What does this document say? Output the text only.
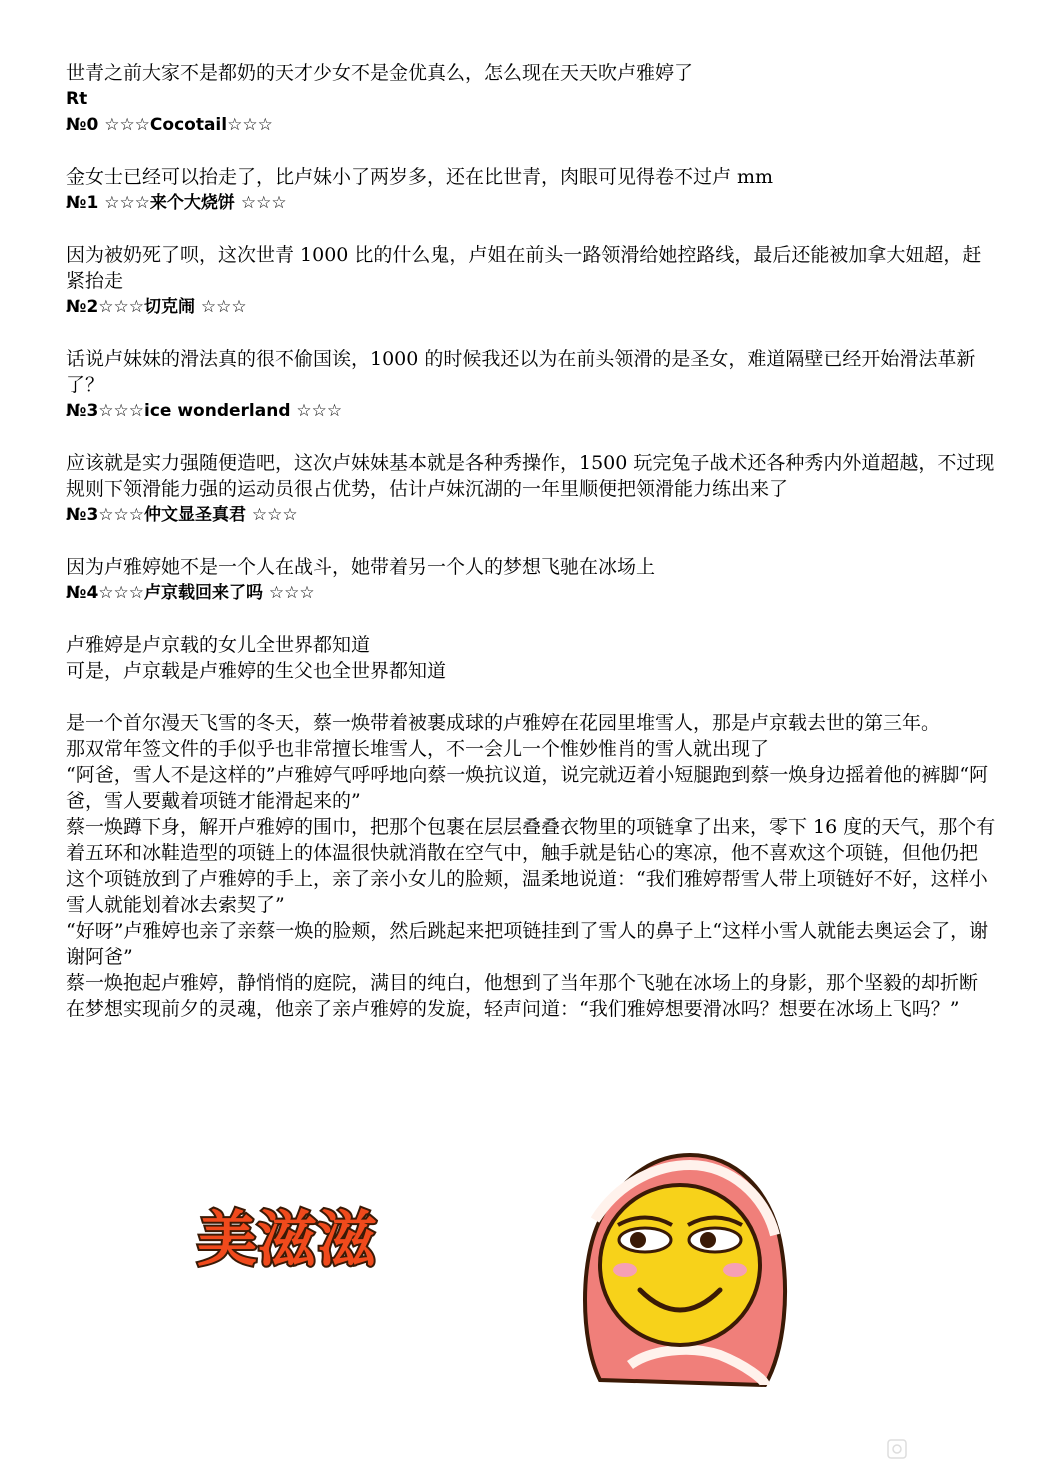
世青之前大家不是都奶的天才少女不是金优真么，怎么现在天天吹卢雅婷了

Rt

№0 ☆☆☆Cocotail☆☆☆

金女士已经可以抬走了，比卢妹小了两岁多，还在比世青，肉眼可见得卷不过卢 mm

№1 ☆☆☆来个大烧饼 ☆☆☆

因为被奶死了呗，这次世青 1000 比的什么鬼，卢姐在前头一路领滑给她控路线，最后还能被加拿大妞超，赶紧抬走

№2☆☆☆切克闹 ☆☆☆

话说卢妹妹的滑法真的很不偷国诶，1000 的时候我还以为在前头领滑的是圣女，难道隔壁已经开始滑法革新了？

№3☆☆☆ice wonderland ☆☆☆

应该就是实力强随便造吧，这次卢妹妹基本就是各种秀操作，1500 玩完兔子战术还各种秀内外道超越，不过现规则下领滑能力强的运动员很占优势，估计卢妹沉湖的一年里顺便把领滑能力练出来了

№3☆☆☆仲文显圣真君 ☆☆☆

因为卢雅婷她不是一个人在战斗，她带着另一个人的梦想飞驰在冰场上

№4☆☆☆卢京载回来了吗 ☆☆☆

卢雅婷是卢京载的女儿全世界都知道

可是，卢京载是卢雅婷的生父也全世界都知道

是一个首尔漫天飞雪的冬天，蔡一焕带着被裹成球的卢雅婷在花园里堆雪人，那是卢京载去世的第三年。

那双常年签文件的手似乎也非常擅长堆雪人，不一会儿一个惟妙惟肖的雪人就出现了

“阿爸，雪人不是这样的”卢雅婷气呼呼地向蔡一焕抗议道，说完就迈着小短腿跑到蔡一焕身边摇着他的裤脚“阿爸，雪人要戴着项链才能滑起来的”

蔡一焕蹲下身，解开卢雅婷的围巾，把那个包裹在层层叠叠衣物里的项链拿了出来，零下 16 度的天气，那个有着五环和冰鞋造型的项链上的体温很快就消散在空气中，触手就是钻心的寒凉，他不喜欢这个项链，但他仍把这个项链放到了卢雅婷的手上，亲了亲小女儿的脸颊，温柔地说道：“我们雅婷帮雪人带上项链好不好，这样小雪人就能划着冰去索契了”

“好呀”卢雅婷也亲了亲蔡一焕的脸颊，然后跳起来把项链挂到了雪人的鼻子上“这样小雪人就能去奥运会了，谢谢阿爸”

蔡一焕抱起卢雅婷，静悄悄的庭院，满目的纯白，他想到了当年那个飞驰在冰场上的身影，那个坚毅的却折断在梦想实现前夕的灵魂，他亲了亲卢雅婷的发旋，轻声问道：“我们雅婷想要滑冰吗？想要在冰场上飞吗？”

美滋滋
